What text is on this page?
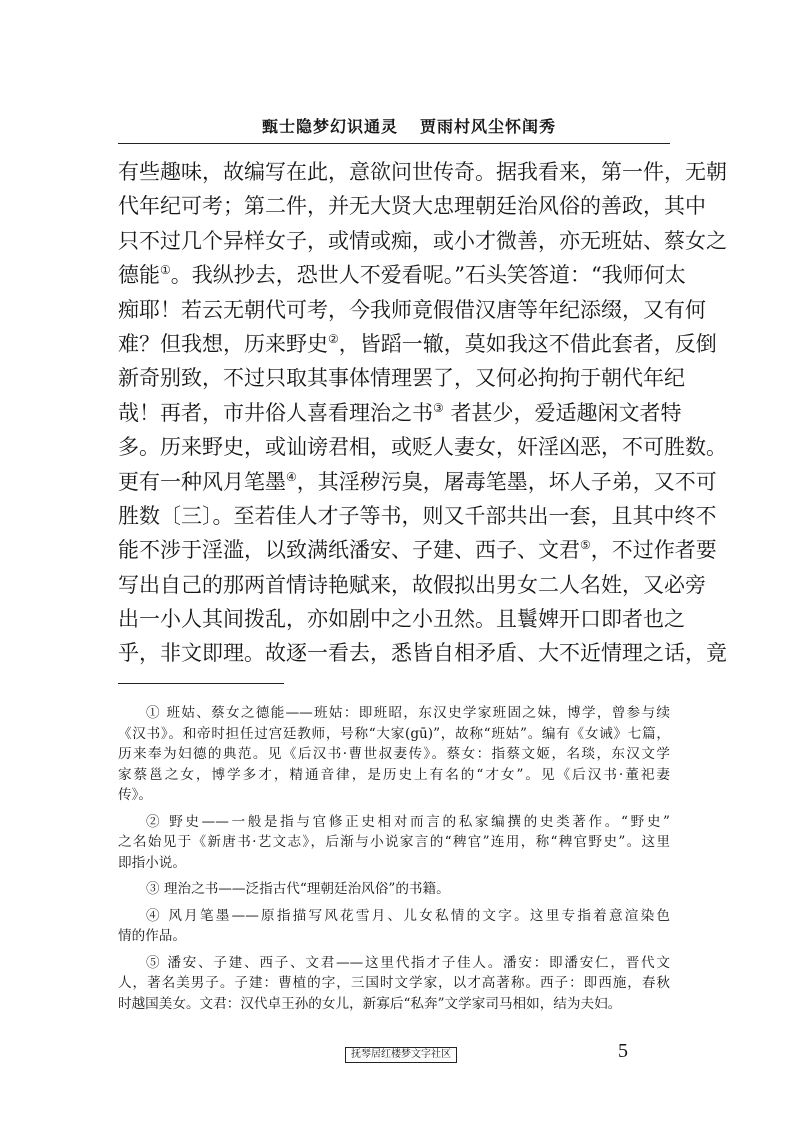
甄士隐梦幻识通灵 贾雨村风尘怀闺秀
有些趣味，故编写在此，意欲问世传奇。据我看来，第一件，无朝
代年纪可考；第二件，并无大贤大忠理朝廷治风俗的善政，其中
只不过几个异样女子，或情或痴，或小才微善，亦无班姑、蔡女之
德能①。我纵抄去，恐世人不爱看呢。”石头笑答道：“我师何太
痴耶！若云无朝代可考，今我师竟假借汉唐等年纪添缀，又有何
难？但我想，历来野史②，皆蹈一辙，莫如我这不借此套者，反倒
新奇别致，不过只取其事体情理罢了，又何必拘拘于朝代年纪
哉！再者，市井俗人喜看理治之书③ 者甚少，爱适趣闲文者特
多。历来野史，或讪谤君相，或贬人妻女，奸淫凶恶，不可胜数。
更有一种风月笔墨④，其淫秽污臭，屠毒笔墨，坏人子弟，又不可
胜数〔三〕。至若佳人才子等书，则又千部共出一套，且其中终不
能不涉于淫滥，以致满纸潘安、子建、西子、文君⑤，不过作者要
写出自己的那两首情诗艳赋来，故假拟出男女二人名姓，又必旁
出一小人其间拨乱，亦如剧中之小丑然。且鬟婢开口即者也之
乎，非文即理。故逐一看去，悉皆自相矛盾、大不近情理之话，竟
① 班姑、蔡女之德能——班姑：即班昭，东汉史学家班固之妹，博学，曾参与续
《汉书》。和帝时担任过宫廷教师，号称“大家(gū)”，故称“班姑”。编有《女诫》七篇，
历来奉为妇德的典范。见《后汉书·曹世叔妻传》。蔡女：指蔡文姬，名琰，东汉文学
家蔡邕之女，博学多才，精通音律，是历史上有名的“才女”。见《后汉书·董祀妻
传》。
② 野史——一般是指与官修正史相对而言的私家编撰的史类著作。“野史”
之名始见于《新唐书·艺文志》，后渐与小说家言的“稗官”连用，称“稗官野史”。这里
即指小说。
③ 理治之书——泛指古代“理朝廷治风俗”的书籍。
④ 风月笔墨——原指描写风花雪月、儿女私情的文字。这里专指着意渲染色
情的作品。
⑤ 潘安、子建、西子、文君——这里代指才子佳人。潘安：即潘安仁，晋代文
人，著名美男子。子建：曹植的字，三国时文学家，以才高著称。西子：即西施，春秋
时越国美女。文君：汉代卓王孙的女儿，新寡后“私奔”文学家司马相如，结为夫妇。
抚琴居红楼梦文字社区	5
